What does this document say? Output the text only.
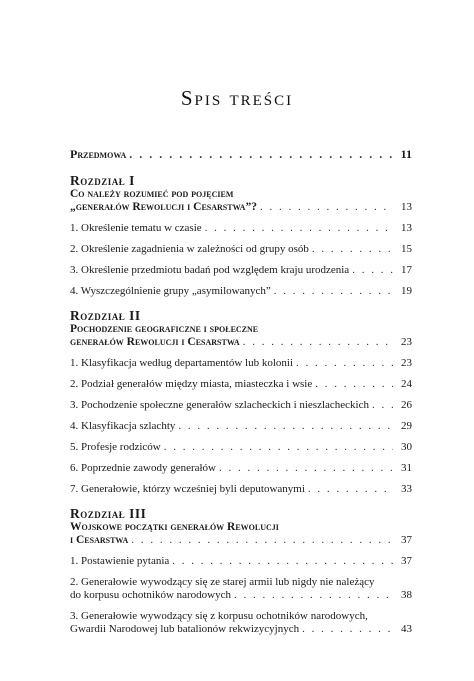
Spis treści
Przedmowa . . .	11
Rozdział I
Co należy rozumieć pod pojęciem
„generałów Rewolucji i Cesarstwa”? . . .	13
1. Określenie tematu w czasie . . .	13
2. Określenie zagadnienia w zależności od grupy osób . . .	15
3. Określenie przedmiotu badań pod względem kraju urodzenia . . .	17
4. Wyszczególnienie grupy „asymilowanych” . . .	19
Rozdział II
Pochodzenie geograficzne i społeczne
generałów Rewolucji i Cesarstwa . . .	23
1. Klasyfikacja według departamentów lub kolonii . . .	23
2. Podział generałów między miasta, miasteczka i wsie . . .	24
3. Pochodzenie społeczne generałów szlacheckich i nieszlacheckich . . .	26
4. Klasyfikacja szlachty . . .	29
5. Profesje rodziców . . .	30
6. Poprzednie zawody generałów . . .	31
7. Generałowie, którzy wcześniej byli deputowanymi . . .	33
Rozdział III
Wojskowe początki generałów Rewolucji
i Cesarstwa . . .	37
1. Postawienie pytania . . .	37
2. Generałowie wywodzący się ze starej armii lub nigdy nie należący
do korpusu ochotników narodowych . . .	38
3. Generałowie wywodzący się z korpusu ochotników narodowych,
Gwardii Narodowej lub batalionów rekwizycyjnych . . .	43
